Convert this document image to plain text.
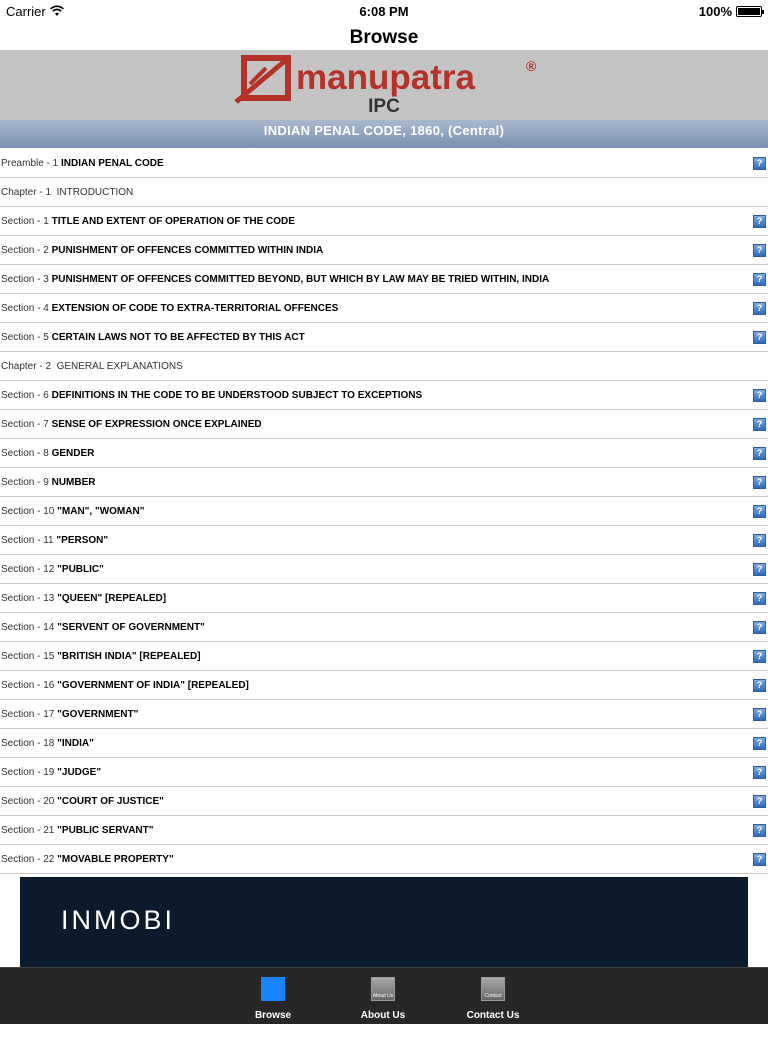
Carrier	6:08 PM	100%
Browse
manupatra	®
IPC
INDIAN PENAL CODE, 1860, (Central)
Preamble - 1 INDIAN PENAL CODE	?
Chapter - 1 INTRODUCTION
Section - 1 TITLE AND EXTENT OF OPERATION OF THE CODE	?
Section - 2 PUNISHMENT OF OFFENCES COMMITTED WITHIN INDIA	?
Section - 3 PUNISHMENT OF OFFENCES COMMITTED BEYOND, BUT WHICH BY LAW MAY BE TRIED WITHIN, INDIA	?
Section - 4 EXTENSION OF CODE TO EXTRA-TERRITORIAL OFFENCES	?
Section - 5 CERTAIN LAWS NOT TO BE AFFECTED BY THIS ACT	?
Chapter - 2 GENERAL EXPLANATIONS
Section - 6 DEFINITIONS IN THE CODE TO BE UNDERSTOOD SUBJECT TO EXCEPTIONS	?
Section - 7 SENSE OF EXPRESSION ONCE EXPLAINED	?
Section - 8 GENDER	?
Section - 9 NUMBER	?
Section - 10 "MAN", "WOMAN"	?
Section - 11 "PERSON"	?
Section - 12 "PUBLIC"	?
Section - 13 "QUEEN" [REPEALED]	?
Section - 14 "SERVENT OF GOVERNMENT"	?
Section - 15 "BRITISH INDIA" [REPEALED]	?
Section - 16 "GOVERNMENT OF INDIA" [REPEALED]	?
Section - 17 "GOVERNMENT"	?
Section - 18 "INDIA"	?
Section - 19 "JUDGE"	?
Section - 20 "COURT OF JUSTICE"	?
Section - 21 "PUBLIC SERVANT"	?
Section - 22 "MOVABLE PROPERTY"	?
INMOBI
Browse
About Us
About Us
Contact Us
Contact Us
